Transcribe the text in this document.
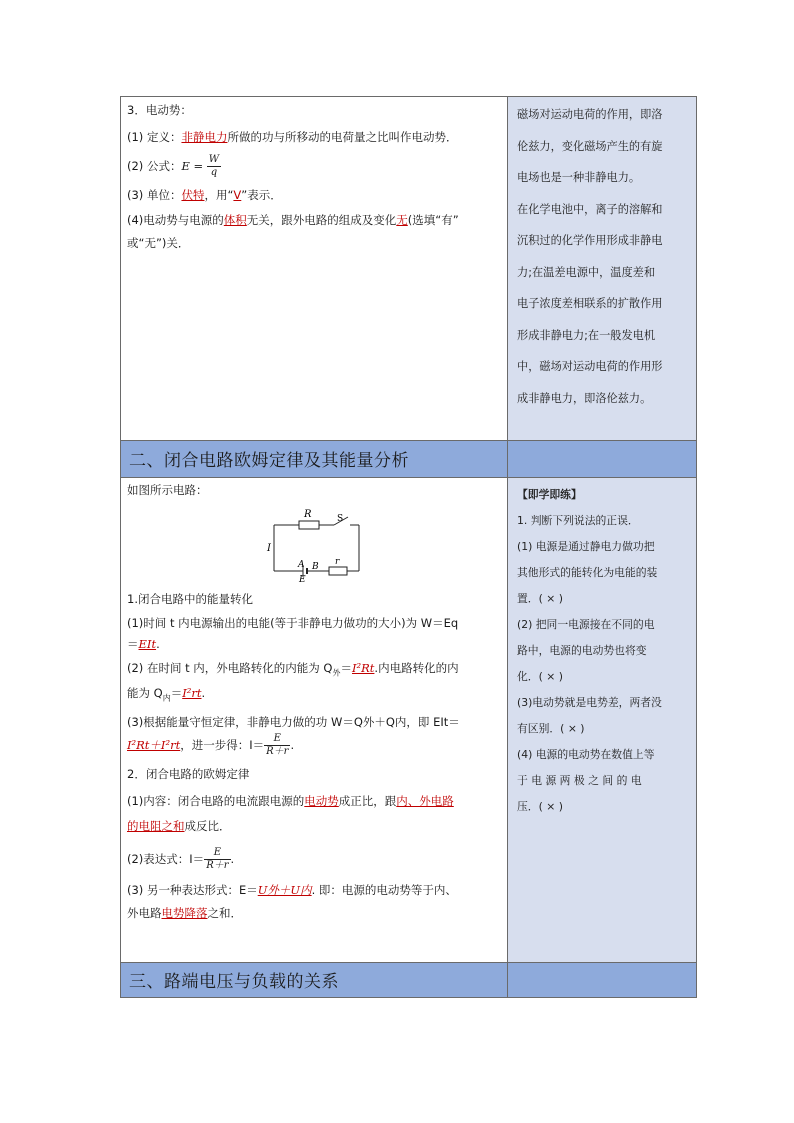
3．电动势：

(1) 定义：非静电力所做的功与所移动的电荷量之比叫作电动势．

(2) 公式：$E = \frac{W}{q}$

(3) 单位：伏特，用“V”表示．

(4)电动势与电源的体积无关，跟外电路的组成及变化无(选填“有”

或“无”)关．

磁场对运动电荷的作用，即洛

伦兹力，变化磁场产生的有旋

电场也是一种非静电力。

在化学电池中，离子的溶解和

沉积过的化学作用形成非静电

力;在温差电源中，温度差和

电子浓度差相联系的扩散作用

形成非静电力;在一般发电机

中，磁场对运动电荷的作用形

成非静电力，即洛伦兹力。

二、闭合电路欧姆定律及其能量分析

如图所示电路：

R	S
I
A B r
E

1.闭合电路中的能量转化

(1)时间 t 内电源输出的电能(等于非静电力做功的大小)为 W＝Eq

＝EIt.

(2) 在时间 t 内，外电路转化的内能为 $Q_外=I^2Rt$.内电路转化的内

能为 $Q_内=I^2rt$.

(3)根据能量守恒定律，非静电力做的功 W＝Q外＋Q内，即 EIt＝

I²Rt＋I²rt，进一步得：$I= \frac{E}{R+r}$ .

2．闭合电路的欧姆定律

(1)内容：闭合电路的电流跟电源的电动势成正比，跟内、外电路

的电阻之和成反比．

(2)表达式：$I= \frac{E}{R+r}$ .

(3) 另一种表达形式：E＝U外＋U内. 即：电源的电动势等于内、

外电路电势降落之和．

【即学即练】

1. 判断下列说法的正误．

(1) 电源是通过静电力做功把

其他形式的能转化为电能的装

置．( × )

(2) 把同一电源接在不同的电

路中，电源的电动势也将变

化．( × )

(3)电动势就是电势差，两者没

有区别．( × )

(4) 电源的电动势在数值上等

于 电 源 两 极 之 间 的 电

压．( × )

三、路端电压与负载的关系
